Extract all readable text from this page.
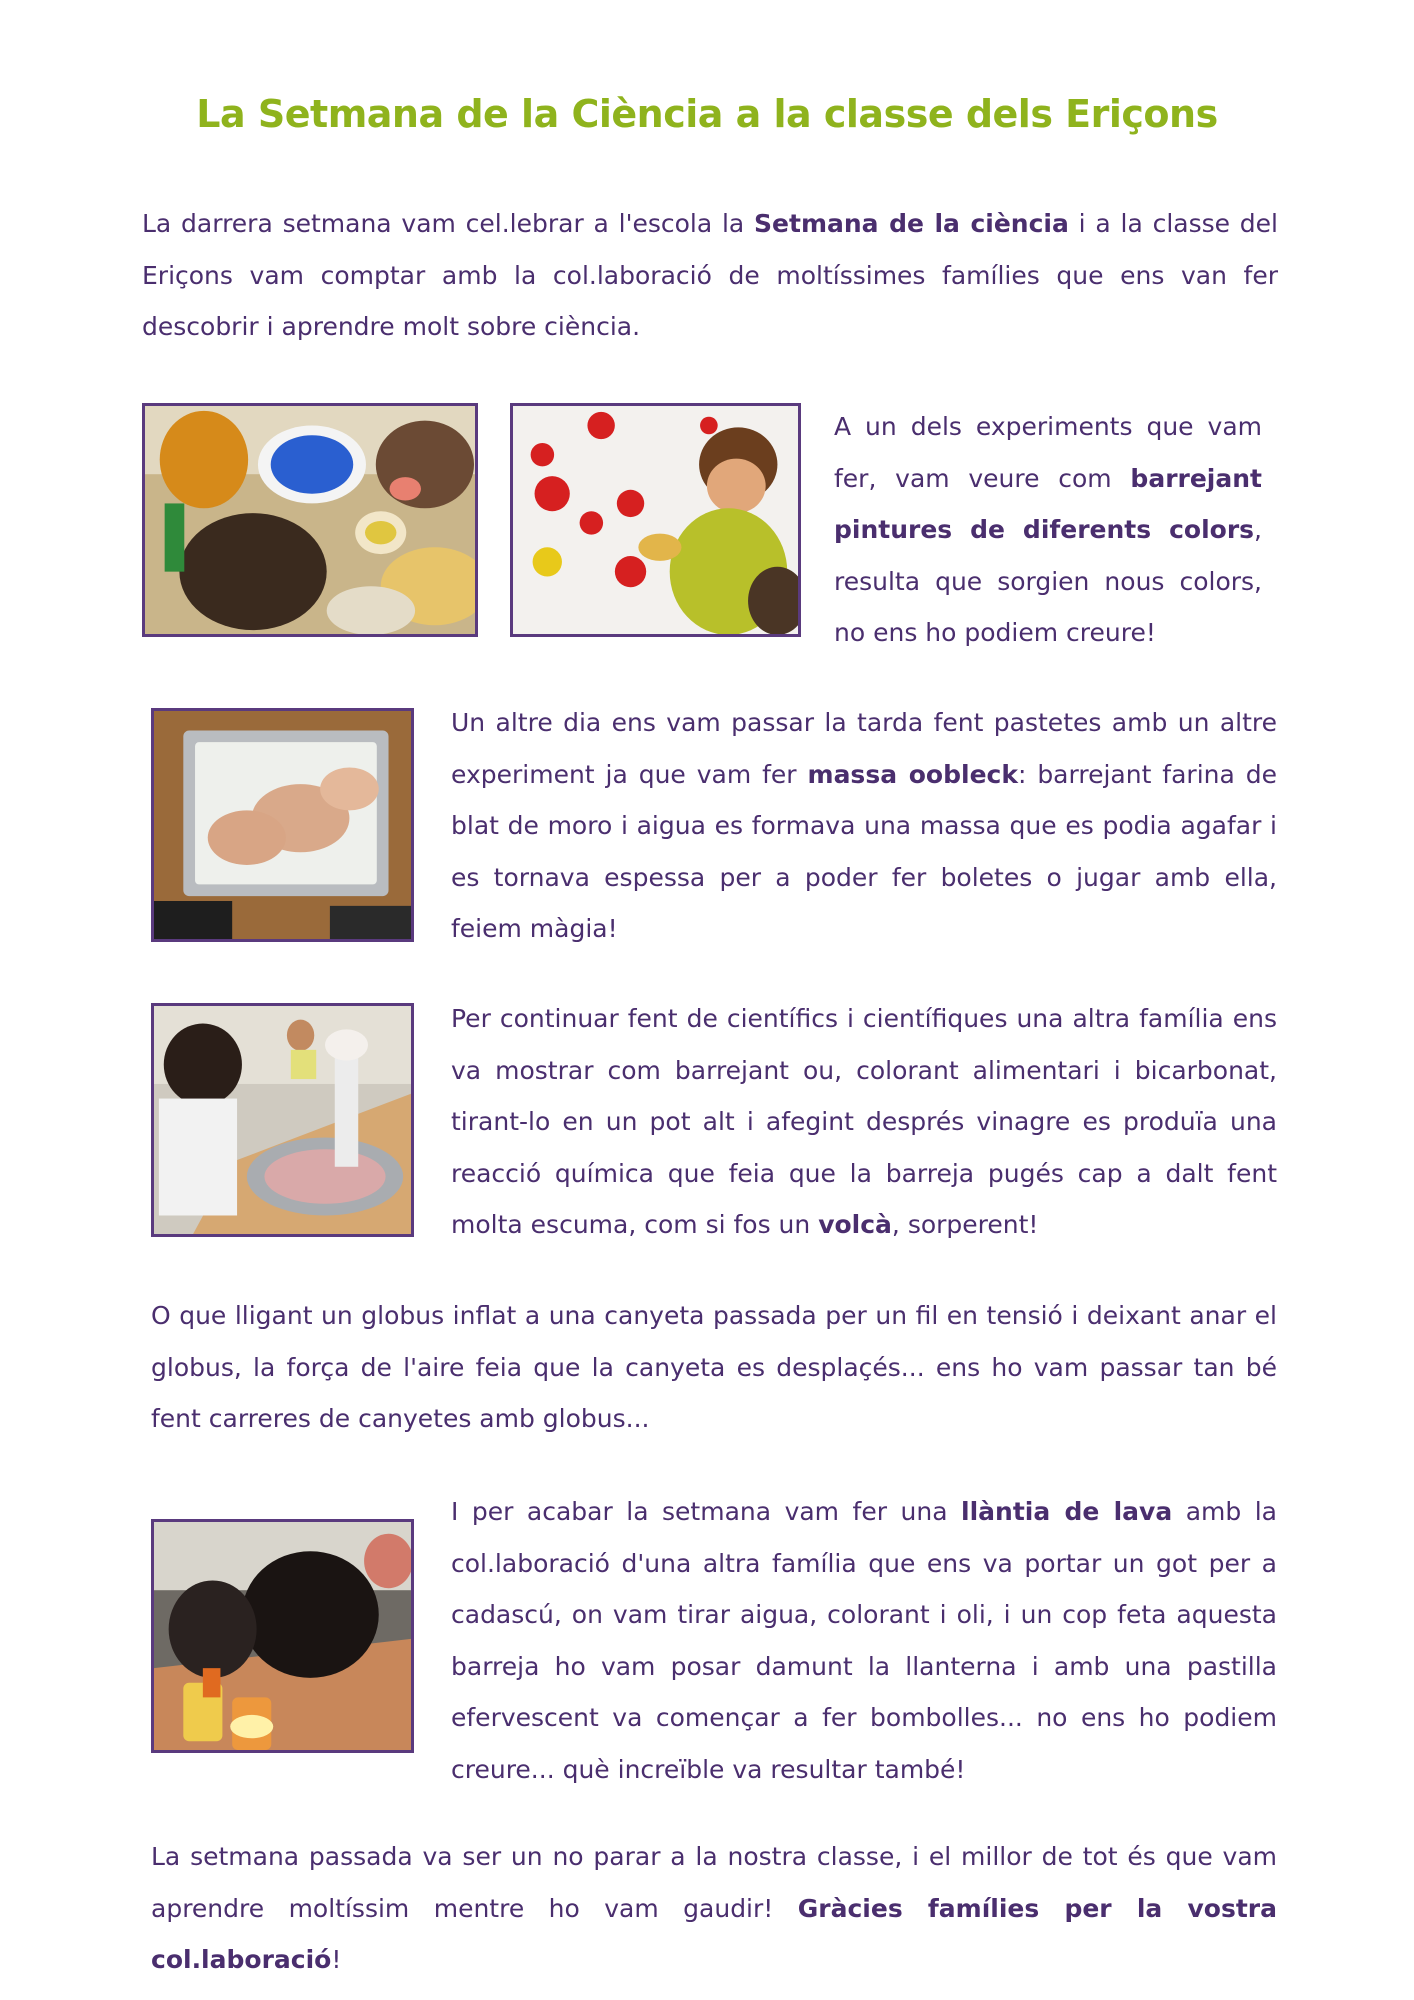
La Setmana de la Ciència a la classe dels Eriçons

La darrera setmana vam cel.lebrar a l'escola la Setmana de la ciència i a la classe del Eriçons vam comptar amb la col.laboració de moltíssimes famílies que ens van fer descobrir i aprendre molt sobre ciència.

A un dels experiments que vam fer, vam veure com barrejant pintures de diferents colors, resulta que sorgien nous colors, no ens ho podiem creure!

Un altre dia ens vam passar la tarda fent pastetes amb un altre experiment ja que vam fer massa oobleck: barrejant farina de blat de moro i aigua es formava una massa que es podia agafar i es tornava espessa per a poder fer boletes o jugar amb ella, feiem màgia!

Per continuar fent de científics i científiques una altra família ens va mostrar com barrejant ou, colorant alimentari i bicarbonat, tirant-lo en un pot alt i afegint després vinagre es produïa una reacció química que feia que la barreja pugés cap a dalt fent molta escuma, com si fos un volcà, sorperent!

O que lligant un globus inflat a una canyeta passada per un fil en tensió i deixant anar el globus, la força de l'aire feia que la canyeta es desplaçés... ens ho vam passar tan bé fent carreres de canyetes amb globus...

I per acabar la setmana vam fer una llàntia de lava amb la col.laboració d'una altra família que ens va portar un got per a cadascú, on vam tirar aigua, colorant i oli, i un cop feta aquesta barreja ho vam posar damunt la llanterna i amb una pastilla efervescent va començar a fer bombolles... no ens ho podiem creure... què increïble va resultar també!

La setmana passada va ser un no parar a la nostra classe, i el millor de tot és que vam aprendre moltíssim mentre ho vam gaudir! Gràcies famílies per la vostra col.laboració!
